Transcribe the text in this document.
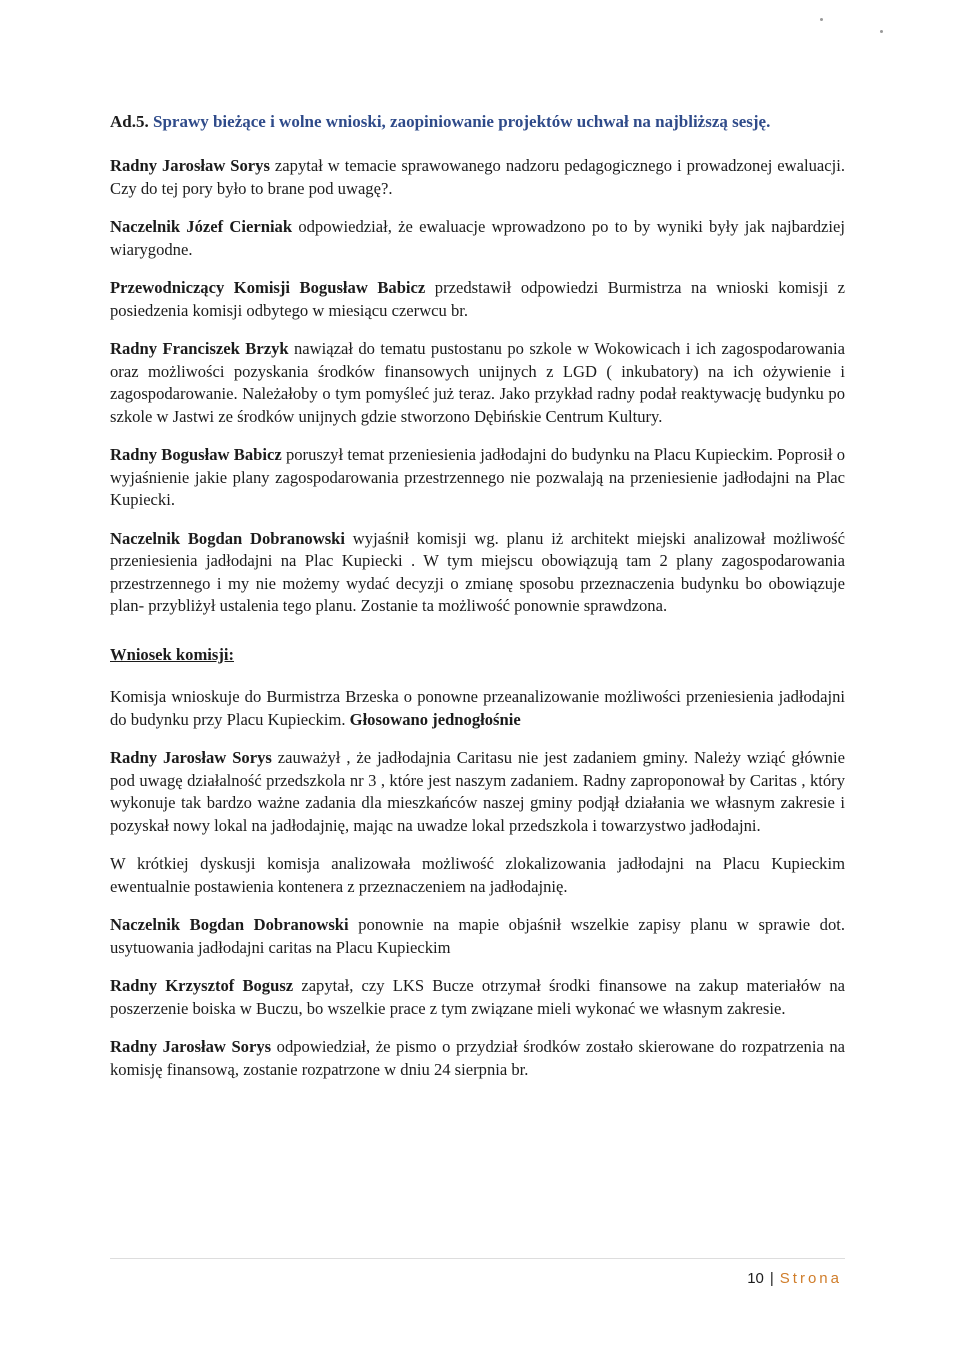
Ad.5. Sprawy bieżące i wolne wnioski, zaopiniowanie projektów uchwał na najbliższą sesję.

Radny Jarosław Sorys zapytał w temacie sprawowanego nadzoru pedagogicznego i prowadzonej ewaluacji. Czy do tej pory było to brane pod uwagę?.

Naczelnik Józef Cierniak odpowiedział, że ewaluacje wprowadzono po to by wyniki były jak najbardziej wiarygodne.

Przewodniczący Komisji Bogusław Babicz przedstawił odpowiedzi Burmistrza na wnioski komisji z posiedzenia komisji odbytego w miesiącu czerwcu br.

Radny Franciszek Brzyk nawiązał do tematu pustostanu po szkole w Wokowicach i ich zagospodarowania oraz możliwości pozyskania środków finansowych unijnych z LGD ( inkubatory) na ich ożywienie i zagospodarowanie. Należałoby o tym pomyśleć już teraz. Jako przykład radny podał reaktywację budynku po szkole w Jastwi ze środków unijnych gdzie stworzono Dębińskie Centrum Kultury.

Radny Bogusław Babicz poruszył temat przeniesienia jadłodajni do budynku na Placu Kupieckim. Poprosił o wyjaśnienie jakie plany zagospodarowania przestrzennego nie pozwalają na przeniesienie jadłodajni na Plac Kupiecki.

Naczelnik Bogdan Dobranowski wyjaśnił komisji wg. planu iż architekt miejski analizował możliwość przeniesienia jadłodajni na Plac Kupiecki . W tym miejscu obowiązują tam 2 plany zagospodarowania przestrzennego i my nie możemy wydać decyzji o zmianę sposobu przeznaczenia budynku bo obowiązuje plan- przybliżył ustalenia tego planu. Zostanie ta możliwość ponownie sprawdzona.

Wniosek komisji:

Komisja wnioskuje do Burmistrza Brzeska o ponowne przeanalizowanie możliwości przeniesienia jadłodajni do budynku przy Placu Kupieckim. Głosowano jednogłośnie

Radny Jarosław Sorys zauważył , że jadłodajnia Caritasu nie jest zadaniem gminy. Należy wziąć głównie pod uwagę działalność przedszkola nr 3 , które jest naszym zadaniem. Radny zaproponował by Caritas , który wykonuje tak bardzo ważne zadania dla mieszkańców naszej gminy podjął działania we własnym zakresie i pozyskał nowy lokal na jadłodajnię, mając na uwadze lokal przedszkola i towarzystwo jadłodajni.

W krótkiej dyskusji komisja analizowała możliwość zlokalizowania jadłodajni na Placu Kupieckim ewentualnie postawienia kontenera z przeznaczeniem na jadłodajnię.

Naczelnik Bogdan Dobranowski ponownie na mapie objaśnił wszelkie zapisy planu w sprawie dot. usytuowania jadłodajni caritas na Placu Kupieckim

Radny Krzysztof Bogusz zapytał, czy LKS Bucze otrzymał środki finansowe na zakup materiałów na poszerzenie boiska w Buczu, bo wszelkie prace z tym związane mieli wykonać we własnym zakresie.

Radny Jarosław Sorys odpowiedział, że pismo o przydział środków zostało skierowane do rozpatrzenia na komisję finansową, zostanie rozpatrzone w dniu 24 sierpnia br.

10 | Strona
